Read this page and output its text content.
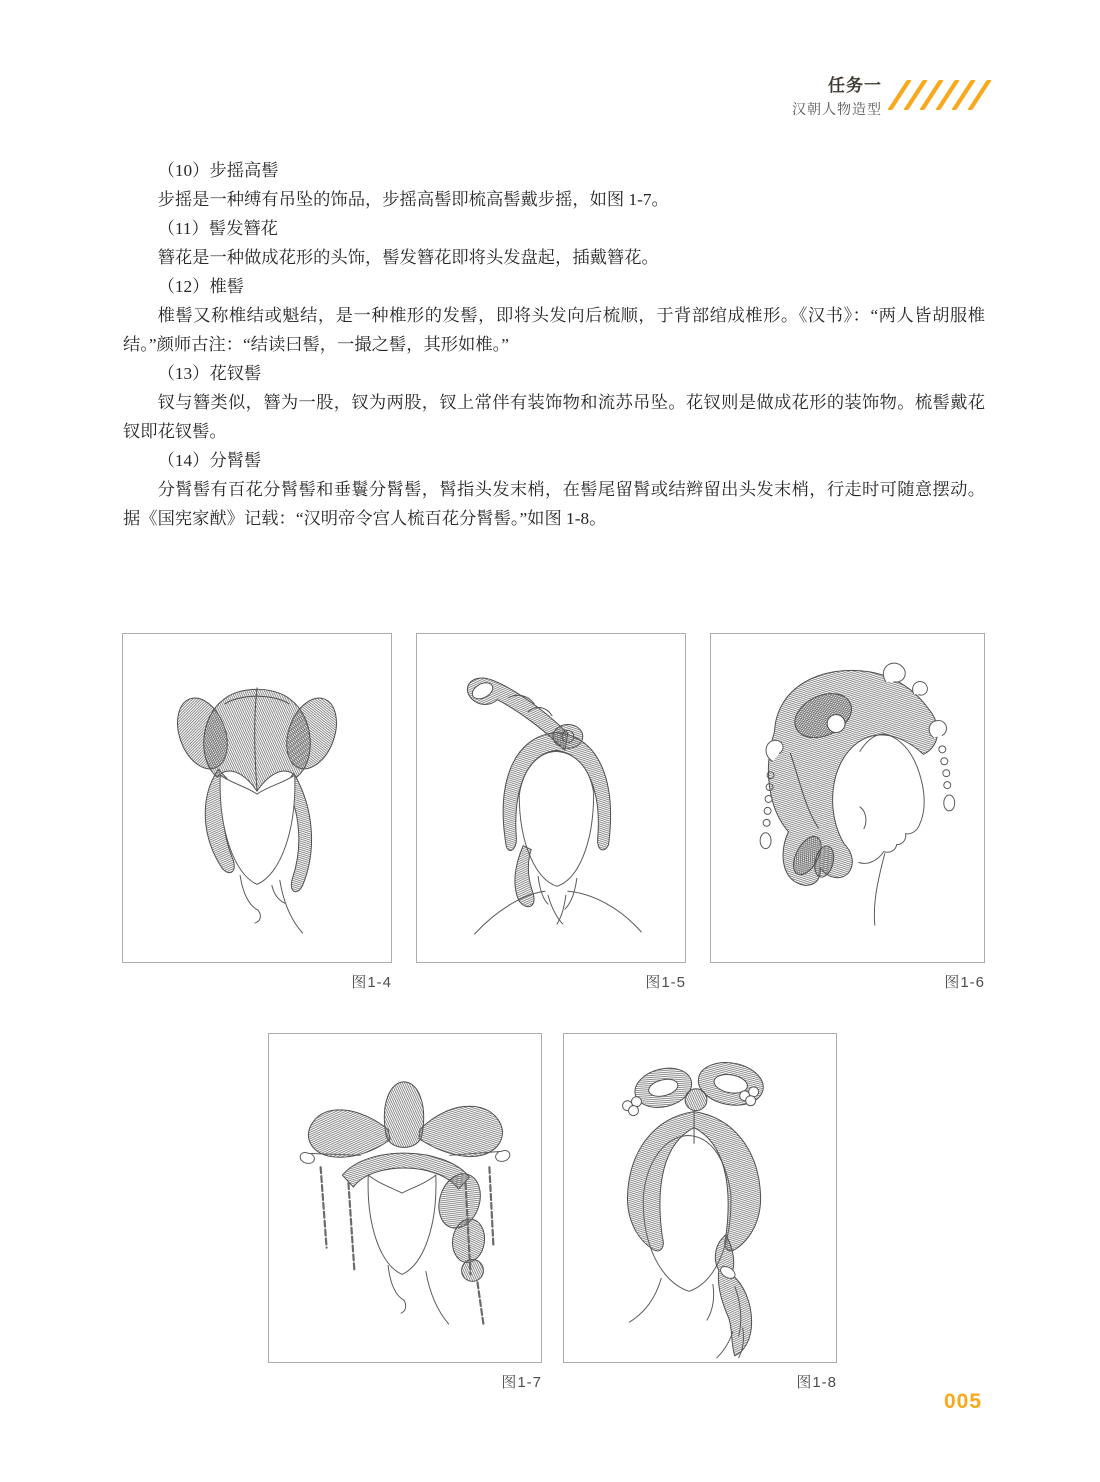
任务一
汉朝人物造型

（10）步摇高髻

步摇是一种缚有吊坠的饰品，步摇高髻即梳高髻戴步摇，如图 1-7。

（11）髻发簪花

簪花是一种做成花形的头饰，髻发簪花即将头发盘起，插戴簪花。

（12）椎髻

椎髻又称椎结或魁结，是一种椎形的发髻，即将头发向后梳顺，于背部绾成椎形。《汉书》：“两人皆胡服椎结。”颜师古注：“结读曰髻，一撮之髻，其形如椎。”

（13）花钗髻

钗与簪类似，簪为一股，钗为两股，钗上常伴有装饰物和流苏吊坠。花钗则是做成花形的装饰物。梳髻戴花钗即花钗髻。

（14）分髾髻

分髾髻有百花分髾髻和垂鬟分髾髻，髾指头发末梢，在髻尾留髾或结辫留出头发末梢，行走时可随意摆动。据《国宪家猷》记载：“汉明帝令宫人梳百花分髾髻。”如图 1-8。

图1-4	图1-5	图1-6
图1-7	图1-8
005
